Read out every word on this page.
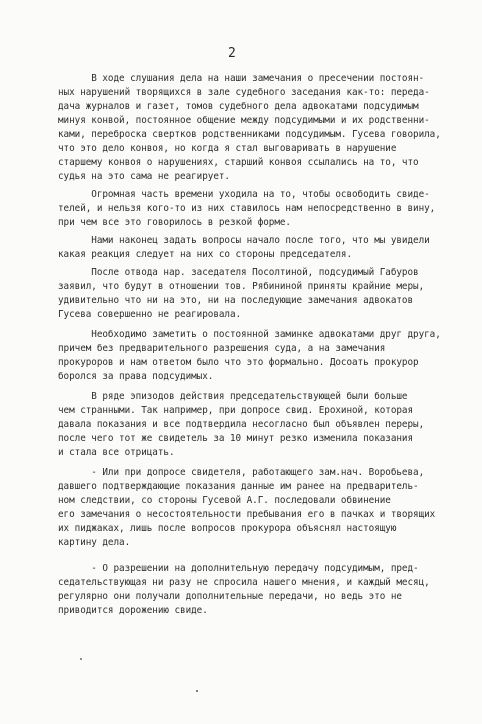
2
В ходе слушания дела на наши замечания о пресечении постоян-
ных нарушений творящихся в зале судебного заседания как-то: переда-
дача журналов и газет, томов судебного дела адвокатами подсудимым
минуя конвой, постоянное общение между подсудимыми и их родственни-
ками, переброска свертков родственниками подсудимым. Гусева говорила,
что это дело конвоя, но когда я стал выговаривать в нарушение
старшему конвоя о нарушениях, старший конвоя ссылались на то, что
судья на это сама не реагирует.
Огромная часть времени уходила на то, чтобы освободить свиде-
телей, и нельзя кого-то из них ставилось нам непосредственно в вину,
при чем все это говорилось в резкой форме.
Нами наконец задать вопросы начало после того, что мы увидели
какая реакция следует на них со стороны председателя.
После отвода нар. заседателя Посолтиной, подсудимый Габуров
заявил, что будут в отношении тов. Рябининой приняты крайние меры,
удивительно что ни на это, ни на последующие замечания адвокатов
Гусева совершенно не реагировала.
Необходимо заметить о постоянной заминке адвокатами друг друга,
причем без предварительного разрешения суда, а на замечания
прокуроров и нам ответом было что это формально. Досоать прокурор
боролся за права подсудимых.
В ряде эпизодов действия председательствующей были больше
чем странными. Так например, при допросе свид. Ерохиной, которая
давала показания и все подтвердила несогласно был объявлен переры,
после чего тот же свидетель за 10 минут резко изменила показания
и стала все отрицать.
- Или при допросе свидетеля, работающего зам.нач. Воробьева,
давшего подтверждающие показания данные им ранее на предваритель-
ном следствии, со стороны Гусевой А.Г. последовали обвинение
его замечания о несостоятельности пребывания его в пачках и творящих
их пиджаках, лишь после вопросов прокурора объяснял настоящую
картину дела.
- О разрешении на дополнительную передачу подсудимым, пред-
седательствующая ни разу не спросила нашего мнения, и каждый месяц,
регулярно они получали дополнительные передачи, но ведь это не
приводится дорожению свиде.
